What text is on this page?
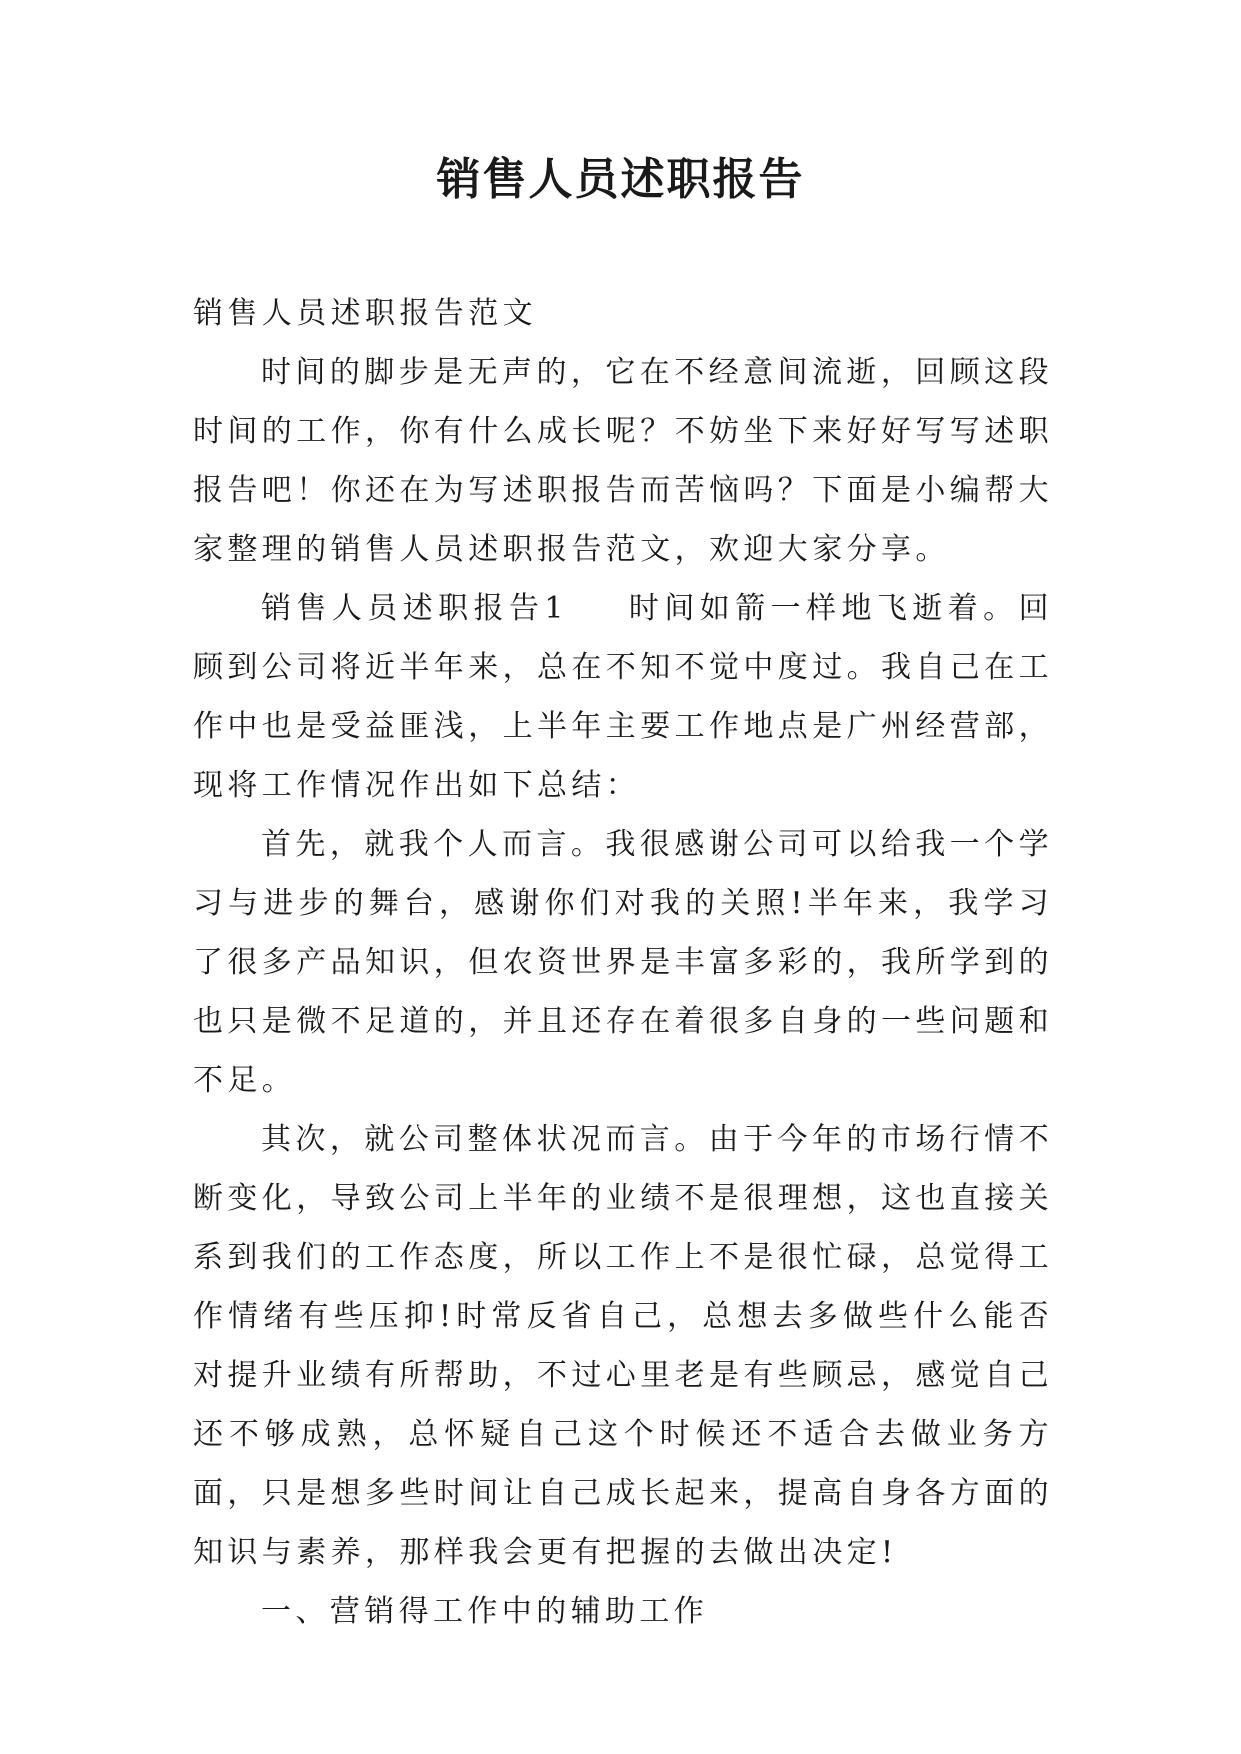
销售人员述职报告

销售人员述职报告范文

时间的脚步是无声的，它在不经意间流逝，回顾这段时间的工作，你有什么成长呢？不妨坐下来好好写写述职报告吧！你还在为写述职报告而苦恼吗？下面是小编帮大家整理的销售人员述职报告范文，欢迎大家分享。

销售人员述职报告1 时间如箭一样地飞逝着。回顾到公司将近半年来，总在不知不觉中度过。我自己在工作中也是受益匪浅，上半年主要工作地点是广州经营部，现将工作情况作出如下总结：

首先，就我个人而言。我很感谢公司可以给我一个学习与进步的舞台，感谢你们对我的关照!半年来，我学习了很多产品知识，但农资世界是丰富多彩的，我所学到的也只是微不足道的，并且还存在着很多自身的一些问题和不足。

其次，就公司整体状况而言。由于今年的市场行情不断变化，导致公司上半年的业绩不是很理想，这也直接关系到我们的工作态度，所以工作上不是很忙碌，总觉得工作情绪有些压抑!时常反省自己，总想去多做些什么能否对提升业绩有所帮助，不过心里老是有些顾忌，感觉自己还不够成熟，总怀疑自己这个时候还不适合去做业务方面，只是想多些时间让自己成长起来，提高自身各方面的知识与素养，那样我会更有把握的去做出决定!

一、营销得工作中的辅助工作
